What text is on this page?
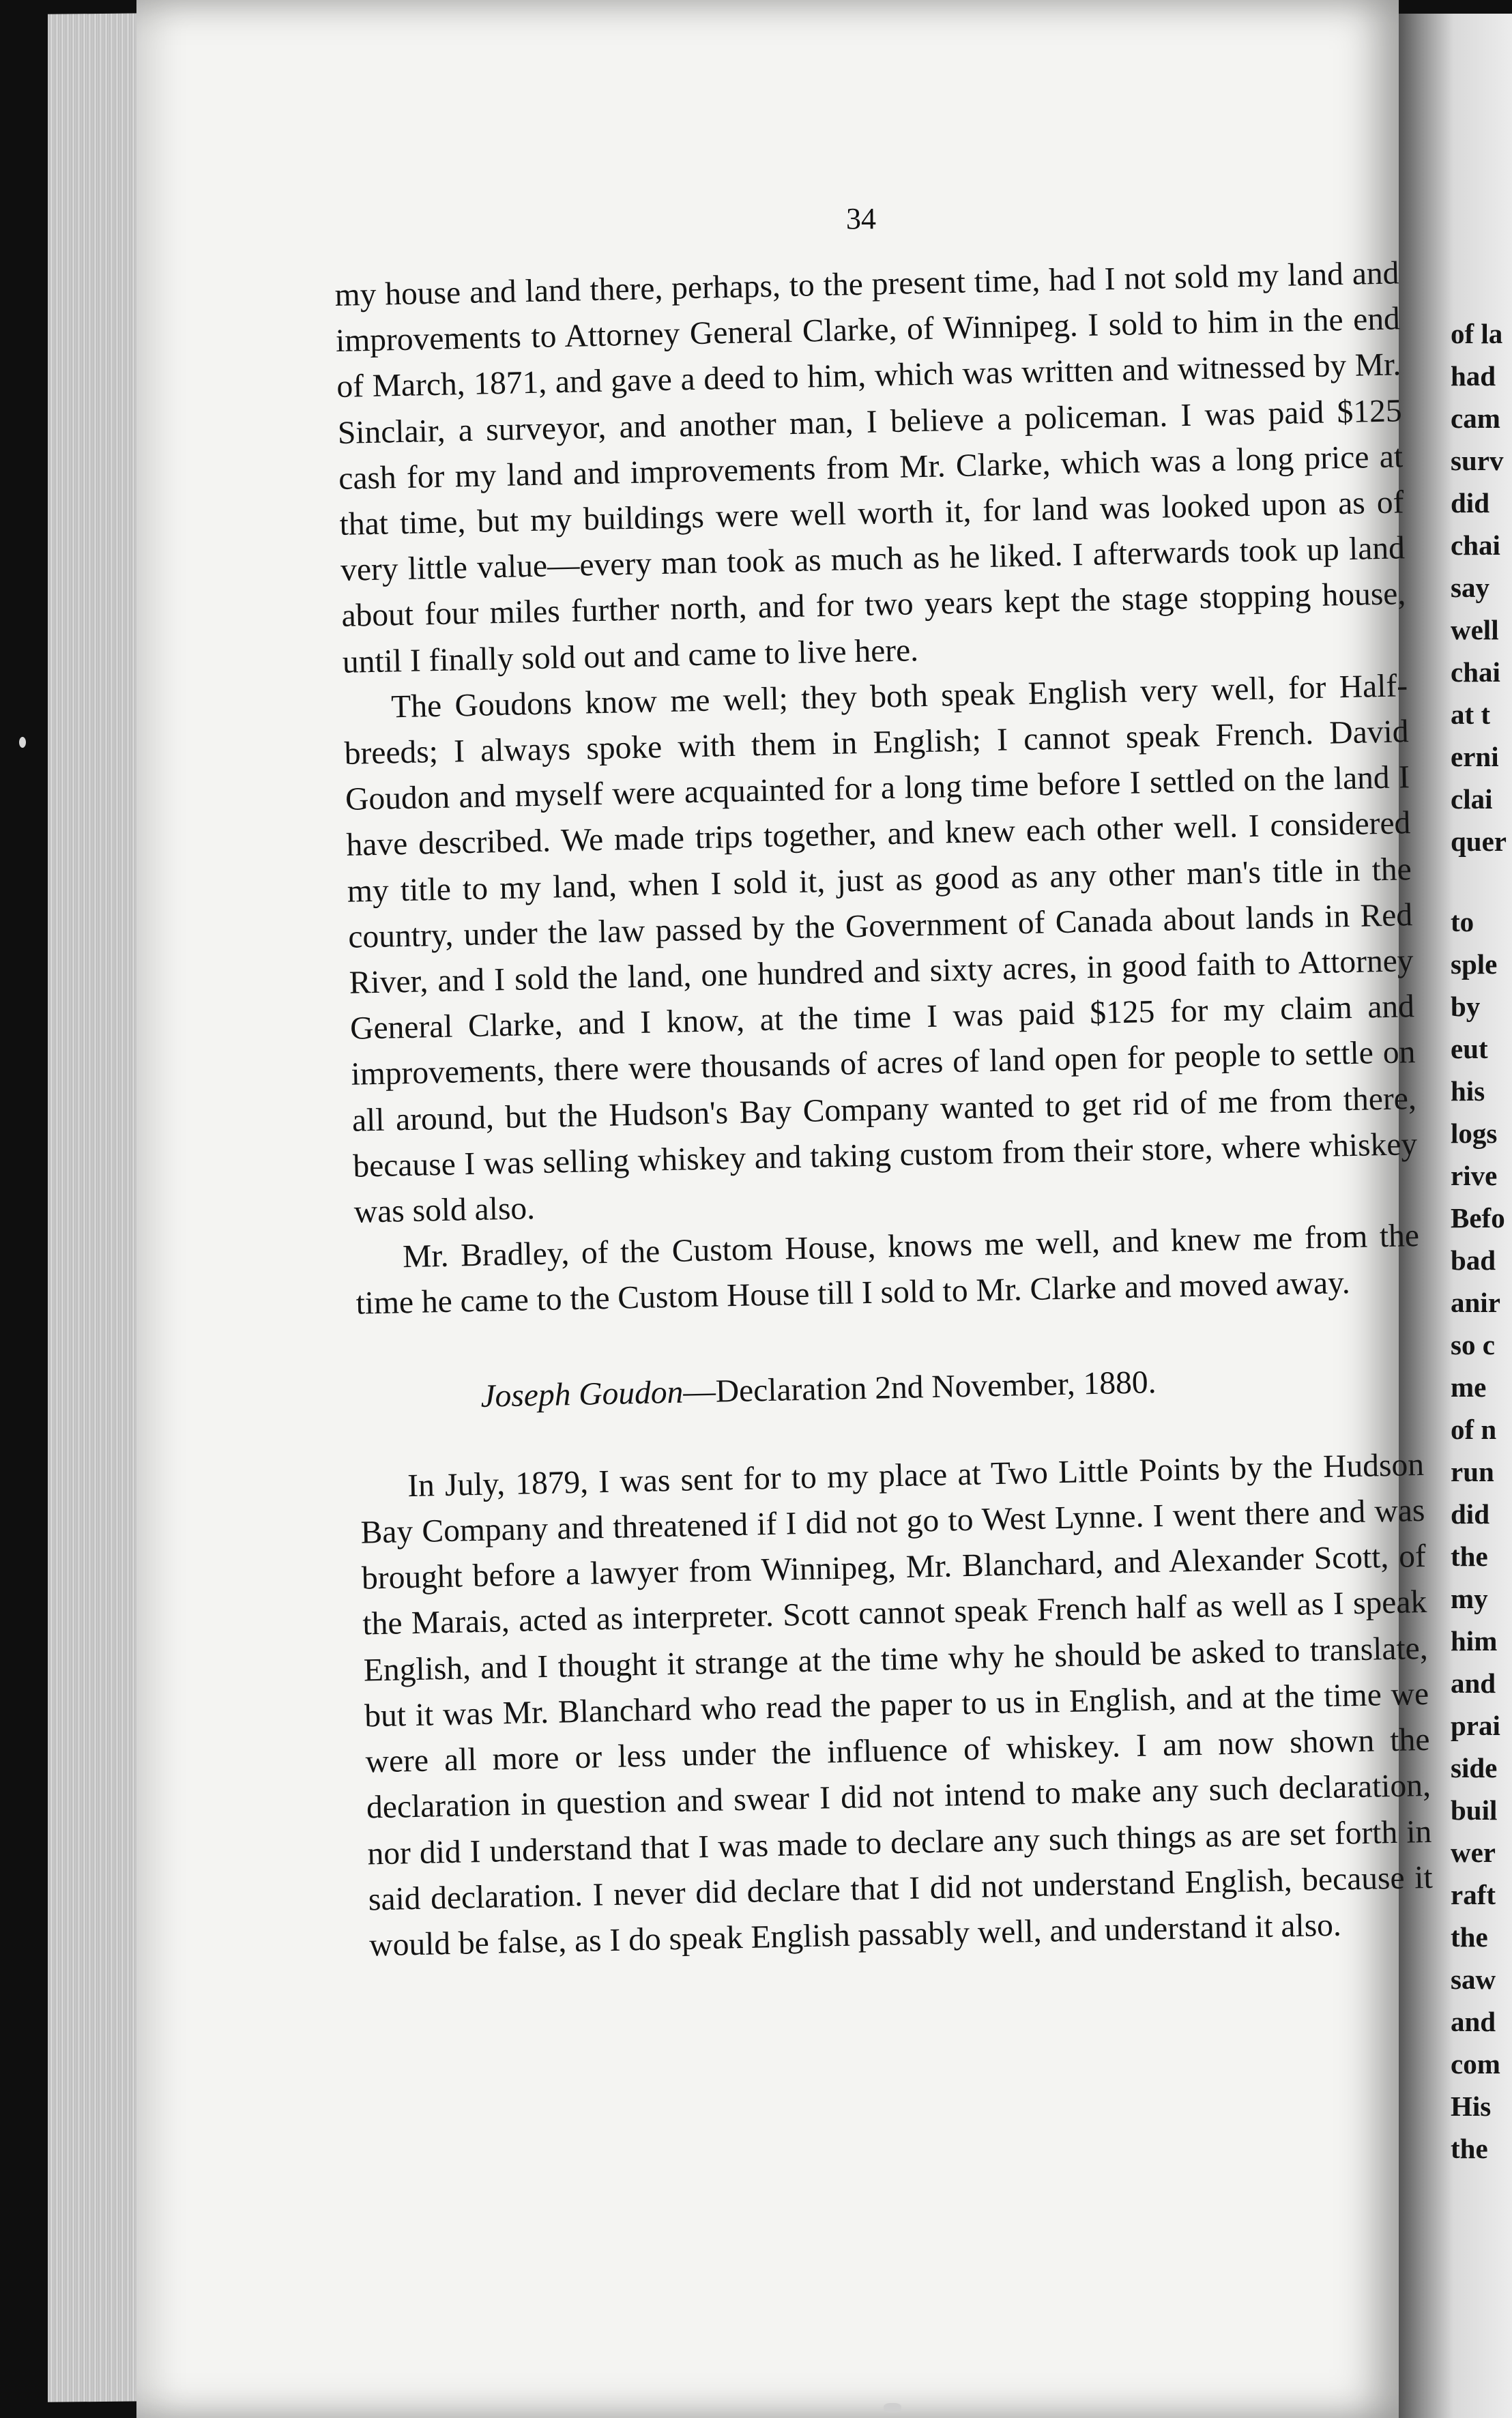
34

my house and land there, perhaps, to the present time, had I not sold my land and improvements to Attorney General Clarke, of Winnipeg. I sold to him in the end of March, 1871, and gave a deed to him, which was written and witnessed by Mr. Sinclair, a surveyor, and another man, I believe a policeman. I was paid $125 cash for my land and improvements from Mr. Clarke, which was a long price at that time, but my buildings were well worth it, for land was looked upon as of very little value—every man took as much as he liked. I afterwards took up land about four miles further north, and for two years kept the stage stopping house, until I finally sold out and came to live here.

The Goudons know me well; they both speak English very well, for Half-breeds; I always spoke with them in English; I cannot speak French. David Goudon and myself were acquainted for a long time before I settled on the land I have described. We made trips together, and knew each other well. I considered my title to my land, when I sold it, just as good as any other man's title in the country, under the law passed by the Government of Canada about lands in Red River, and I sold the land, one hundred and sixty acres, in good faith to Attorney General Clarke, and I know, at the time I was paid $125 for my claim and improvements, there were thousands of acres of land open for people to settle on all around, but the Hudson's Bay Company wanted to get rid of me from there, because I was selling whiskey and taking custom from their store, where whiskey was sold also.

Mr. Bradley, of the Custom House, knows me well, and knew me from the time he came to the Custom House till I sold to Mr. Clarke and moved away.

Joseph Goudon—Declaration 2nd November, 1880.

In July, 1879, I was sent for to my place at Two Little Points by the Hudson Bay Company and threatened if I did not go to West Lynne. I went there and was brought before a lawyer from Winnipeg, Mr. Blanchard, and Alexander Scott, of the Marais, acted as interpreter. Scott cannot speak French half as well as I speak English, and I thought it strange at the time why he should be asked to translate, but it was Mr. Blanchard who read the paper to us in English, and at the time we were all more or less under the influence of whiskey. I am now shown the declaration in question and swear I did not intend to make any such declaration, nor did I understand that I was made to declare any such things as are set forth in said declaration. I never did declare that I did not understand English, because it would be false, as I do speak English passably well, and understand it also.

of la
had
cam
surv
did
chai
say
well
chai
at t
erni
clai
quer
to
sple
by
eut
his
logs
rive
Befo
bad
anir
so c
me
of n
run
did
the
my
him
and
prai
side
buil
wer
raft
the
saw
and
com
His
the
